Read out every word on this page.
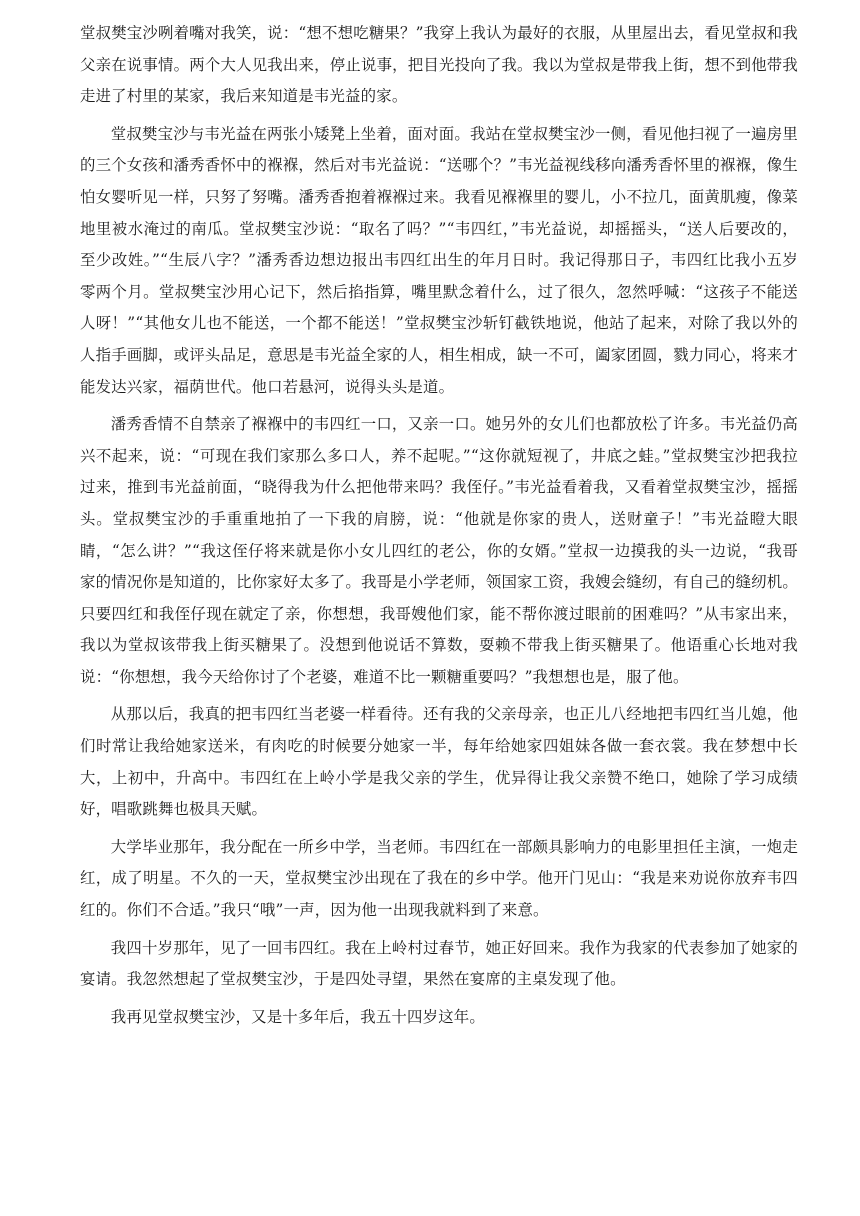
堂叔樊宝沙咧着嘴对我笑，说：“想不想吃糖果？”我穿上我认为最好的衣服，从里屋出去，看见堂叔和我父亲在说事情。两个大人见我出来，停止说事，把目光投向了我。我以为堂叔是带我上街，想不到他带我走进了村里的某家，我后来知道是韦光益的家。

堂叔樊宝沙与韦光益在两张小矮凳上坐着，面对面。我站在堂叔樊宝沙一侧，看见他扫视了一遍房里的三个女孩和潘秀香怀中的褓褓，然后对韦光益说：“送哪个？”韦光益视线移向潘秀香怀里的褓褓，像生怕女婴听见一样，只努了努嘴。潘秀香抱着褓褓过来。我看见褓褓里的婴儿，小不拉几，面黄肌瘦，像菜地里被水淹过的南瓜。堂叔樊宝沙说：“取名了吗？”“韦四红，”韦光益说，却摇摇头，“送人后要改的，至少改姓。”“生辰八字？”潘秀香边想边报出韦四红出生的年月日时。我记得那日子，韦四红比我小五岁零两个月。堂叔樊宝沙用心记下，然后掐指算，嘴里默念着什么，过了很久，忽然呼喊：“这孩子不能送人呀！”“其他女儿也不能送，一个都不能送！”堂叔樊宝沙斩钉截铁地说，他站了起来，对除了我以外的人指手画脚，或评头品足，意思是韦光益全家的人，相生相成，缺一不可，阖家团圆，戮力同心，将来才能发达兴家，福荫世代。他口若悬河，说得头头是道。

潘秀香情不自禁亲了褓褓中的韦四红一口，又亲一口。她另外的女儿们也都放松了许多。韦光益仍高兴不起来，说：“可现在我们家那么多口人，养不起呢。”“这你就短视了，井底之蛙。”堂叔樊宝沙把我拉过来，推到韦光益前面，“晓得我为什么把他带来吗？我侄仔。”韦光益看着我，又看着堂叔樊宝沙，摇摇头。堂叔樊宝沙的手重重地拍了一下我的肩膀，说：“他就是你家的贵人，送财童子！”韦光益瞪大眼睛，“怎么讲？”“我这侄仔将来就是你小女儿四红的老公，你的女婿。”堂叔一边摸我的头一边说，“我哥家的情况你是知道的，比你家好太多了。我哥是小学老师，领国家工资，我嫂会缝纫，有自己的缝纫机。只要四红和我侄仔现在就定了亲，你想想，我哥嫂他们家，能不帮你渡过眼前的困难吗？”从韦家出来，我以为堂叔该带我上街买糖果了。没想到他说话不算数，耍赖不带我上街买糖果了。他语重心长地对我说：“你想想，我今天给你讨了个老婆，难道不比一颗糖重要吗？”我想想也是，服了他。

从那以后，我真的把韦四红当老婆一样看待。还有我的父亲母亲，也正儿八经地把韦四红当儿媳，他们时常让我给她家送米，有肉吃的时候要分她家一半，每年给她家四姐妹各做一套衣裳。我在梦想中长大，上初中，升高中。韦四红在上岭小学是我父亲的学生，优异得让我父亲赞不绝口，她除了学习成绩好，唱歌跳舞也极具天赋。

大学毕业那年，我分配在一所乡中学，当老师。韦四红在一部颇具影响力的电影里担任主演，一炮走红，成了明星。不久的一天，堂叔樊宝沙出现在了我在的乡中学。他开门见山：“我是来劝说你放弃韦四红的。你们不合适。”我只“哦”一声，因为他一出现我就料到了来意。

我四十岁那年，见了一回韦四红。我在上岭村过春节，她正好回来。我作为我家的代表参加了她家的宴请。我忽然想起了堂叔樊宝沙，于是四处寻望，果然在宴席的主桌发现了他。

我再见堂叔樊宝沙，又是十多年后，我五十四岁这年。
